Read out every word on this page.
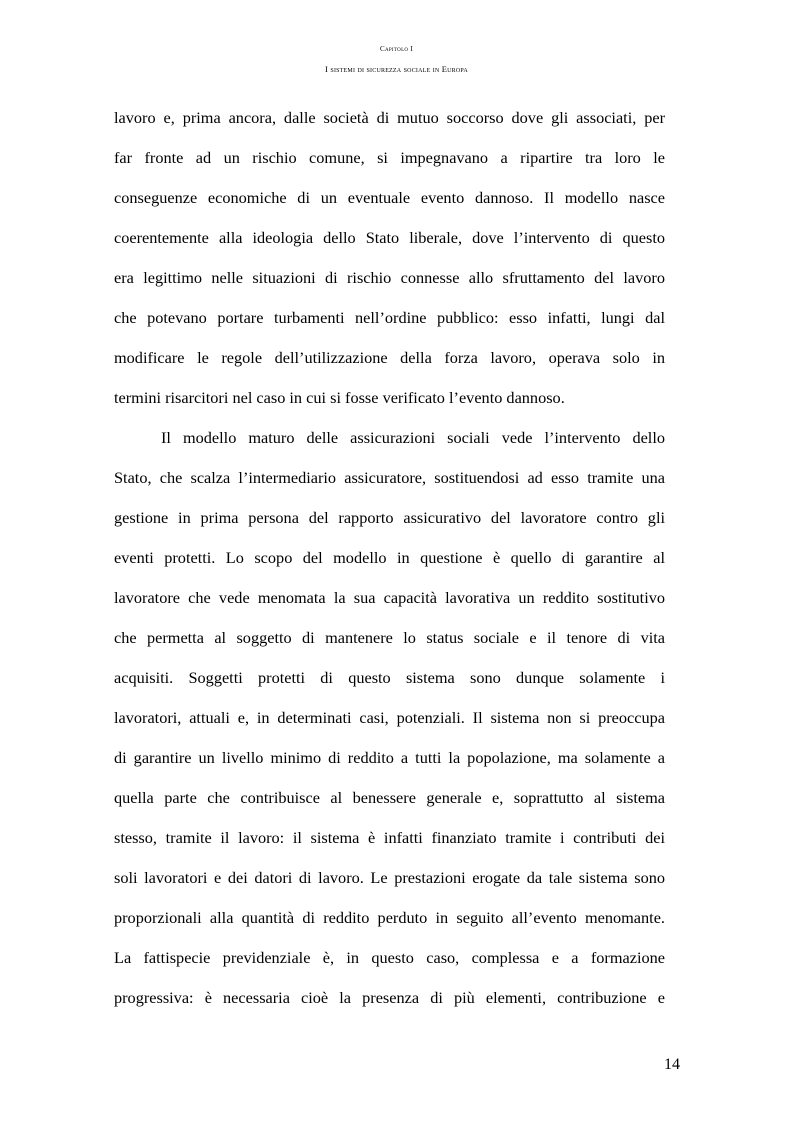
Capitolo I
I sistemi di sicurezza sociale in Europa
lavoro e, prima ancora, dalle società di mutuo soccorso dove gli associati, per
far fronte ad un rischio comune, si impegnavano a ripartire tra loro le
conseguenze economiche di un eventuale evento dannoso. Il modello nasce
coerentemente alla ideologia dello Stato liberale, dove l’intervento di questo
era legittimo nelle situazioni di rischio connesse allo sfruttamento del lavoro
che potevano portare turbamenti nell’ordine pubblico: esso infatti, lungi dal
modificare le regole dell’utilizzazione della forza lavoro, operava solo in
termini risarcitori nel caso in cui si fosse verificato l’evento dannoso.
Il modello maturo delle assicurazioni sociali vede l’intervento dello
Stato, che scalza l’intermediario assicuratore, sostituendosi ad esso tramite una
gestione in prima persona del rapporto assicurativo del lavoratore contro gli
eventi protetti. Lo scopo del modello in questione è quello di garantire al
lavoratore che vede menomata la sua capacità lavorativa un reddito sostitutivo
che permetta al soggetto di mantenere lo status sociale e il tenore di vita
acquisiti. Soggetti protetti di questo sistema sono dunque solamente i
lavoratori, attuali e, in determinati casi, potenziali. Il sistema non si preoccupa
di garantire un livello minimo di reddito a tutti la popolazione, ma solamente a
quella parte che contribuisce al benessere generale e, soprattutto al sistema
stesso, tramite il lavoro: il sistema è infatti finanziato tramite i contributi dei
soli lavoratori e dei datori di lavoro. Le prestazioni erogate da tale sistema sono
proporzionali alla quantità di reddito perduto in seguito all’evento menomante.
La fattispecie previdenziale è, in questo caso, complessa e a formazione
progressiva: è necessaria cioè la presenza di più elementi, contribuzione e
14
